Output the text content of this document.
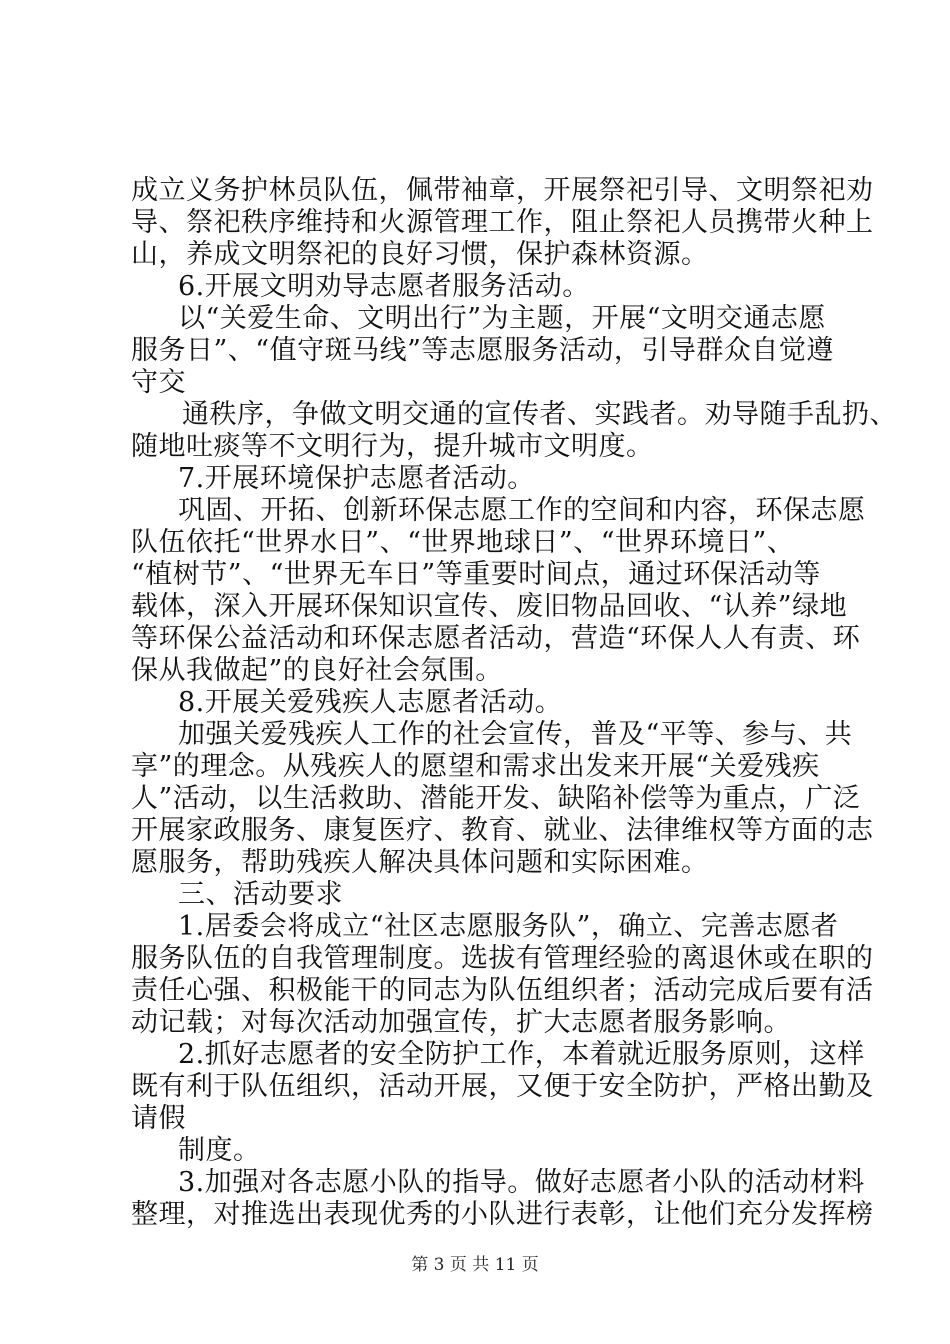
成立义务护林员队伍，佩带袖章，开展祭祀引导、文明祭祀劝
导、祭祀秩序维持和火源管理工作，阻止祭祀人员携带火种上
山，养成文明祭祀的良好习惯，保护森林资源。
6.开展文明劝导志愿者服务活动。
以“关爱生命、文明出行”为主题，开展“文明交通志愿
服务日”、“值守斑马线”等志愿服务活动，引导群众自觉遵
守交
通秩序，争做文明交通的宣传者、实践者。劝导随手乱扔、
随地吐痰等不文明行为，提升城市文明度。
7.开展环境保护志愿者活动。
巩固、开拓、创新环保志愿工作的空间和内容，环保志愿
队伍依托“世界水日”、“世界地球日”、“世界环境日”、
“植树节”、“世界无车日”等重要时间点，通过环保活动等
载体，深入开展环保知识宣传、废旧物品回收、“认养”绿地
等环保公益活动和环保志愿者活动，营造“环保人人有责、环
保从我做起”的良好社会氛围。
8.开展关爱残疾人志愿者活动。
加强关爱残疾人工作的社会宣传，普及“平等、参与、共
享”的理念。从残疾人的愿望和需求出发来开展“关爱残疾
人”活动，以生活救助、潜能开发、缺陷补偿等为重点，广泛
开展家政服务、康复医疗、教育、就业、法律维权等方面的志
愿服务，帮助残疾人解决具体问题和实际困难。
三、活动要求
1.居委会将成立“社区志愿服务队”，确立、完善志愿者
服务队伍的自我管理制度。选拔有管理经验的离退休或在职的
责任心强、积极能干的同志为队伍组织者；活动完成后要有活
动记载；对每次活动加强宣传，扩大志愿者服务影响。
2.抓好志愿者的安全防护工作，本着就近服务原则，这样
既有利于队伍组织，活动开展，又便于安全防护，严格出勤及
请假
制度。
3.加强对各志愿小队的指导。做好志愿者小队的活动材料
整理，对推选出表现优秀的小队进行表彰，让他们充分发挥榜
第 3 页 共 11 页
